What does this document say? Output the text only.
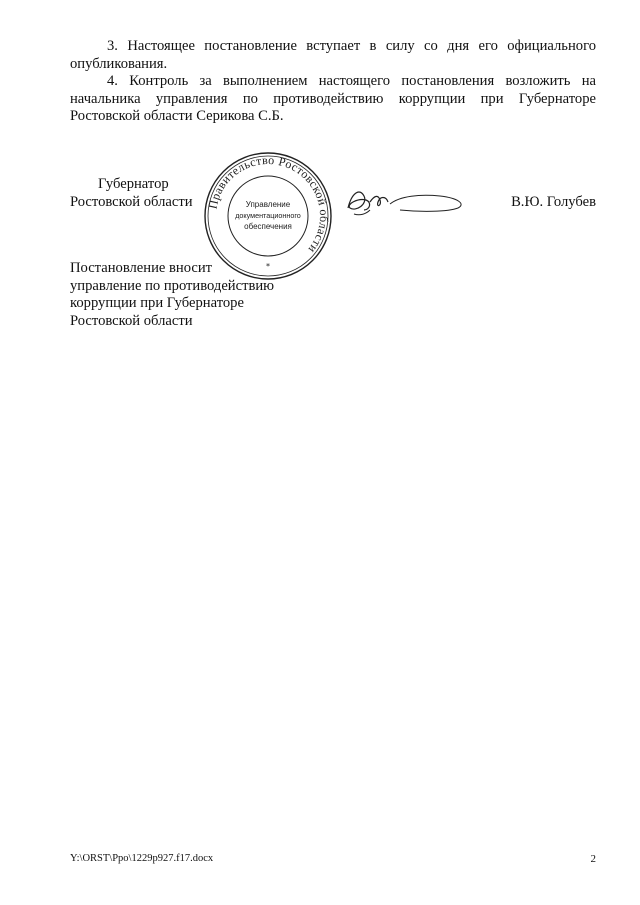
3. Настоящее постановление вступает в силу со дня его официального опубликования.
4. Контроль за выполнением настоящего постановления возложить на начальника управления по противодействию коррупции при Губернаторе Ростовской области Серикова С.Б.
Губернатор
Ростовской области Правительство Ростовской области
Управление
документационного
обеспечения
*
В.Ю. Голубев
Постановление вносит
управление по противодействию
коррупции при Губернаторе
Ростовской области
Y:\ORST\Ppo\1229p927.f17.docx	2
